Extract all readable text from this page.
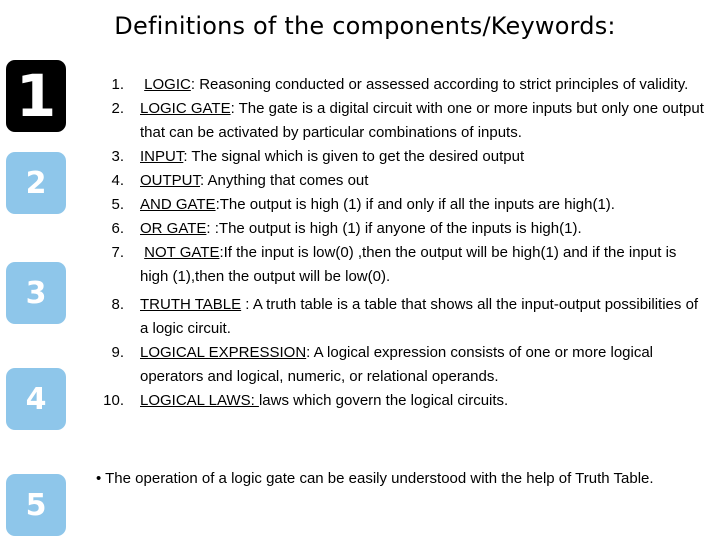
Definitions of the components/Keywords:
1
2
3
4
5
1. LOGIC: Reasoning conducted or assessed according to strict principles of validity.
2. LOGIC GATE: The gate is a digital circuit with one or more inputs but only one output that can be activated by particular combinations of inputs.
3. INPUT: The signal which is given to get the desired output
4. OUTPUT: Anything that comes out
5. AND GATE:The output is high (1) if and only if all the inputs are high(1).
6. OR GATE: :The output is high (1) if anyone of the inputs is high(1).
7. NOT GATE:If the input is low(0) ,then the output will be high(1) and if the input is high (1),then the output will be low(0).
8. TRUTH TABLE : A truth table is a table that shows all the input-output possibilities of a logic circuit.
9. LOGICAL EXPRESSION: A logical expression consists of one or more logical operators and logical, numeric, or relational operands.
10. LOGICAL LAWS: laws which govern the logical circuits.
• The operation of a logic gate can be easily understood with the help of Truth Table.
